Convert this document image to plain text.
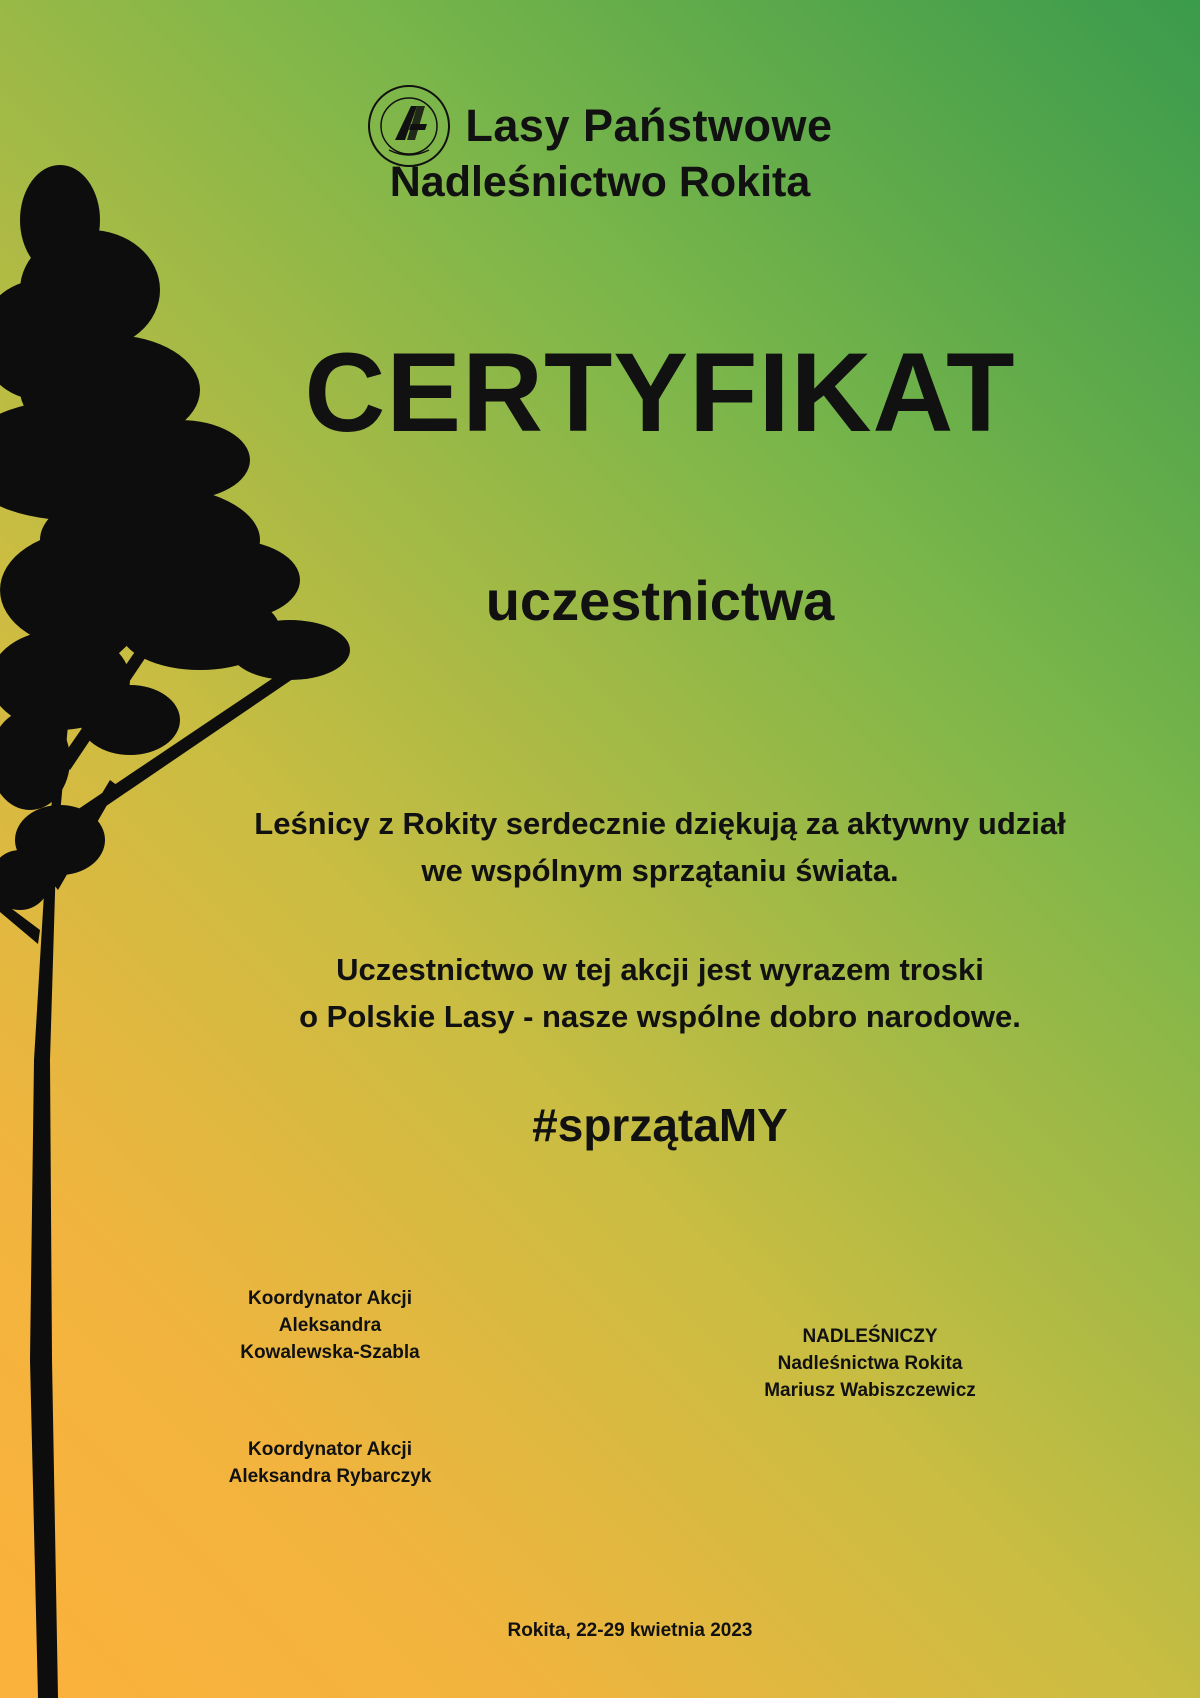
Lasy Państwowe
Nadleśnictwo Rokita
CERTYFIKAT
uczestnictwa
Leśnicy z Rokity serdecznie dziękują za aktywny udział
we wspólnym sprzątaniu świata.
Uczestnictwo w tej akcji jest wyrazem troski
o Polskie Lasy - nasze wspólne dobro narodowe.
#sprzątaMY
Koordynator Akcji
Aleksandra
Kowalewska-Szabla
Koordynator Akcji
Aleksandra Rybarczyk
NADLEŚNICZY
Nadleśnictwa Rokita
Mariusz Wabiszczewicz
Rokita, 22-29 kwietnia 2023
